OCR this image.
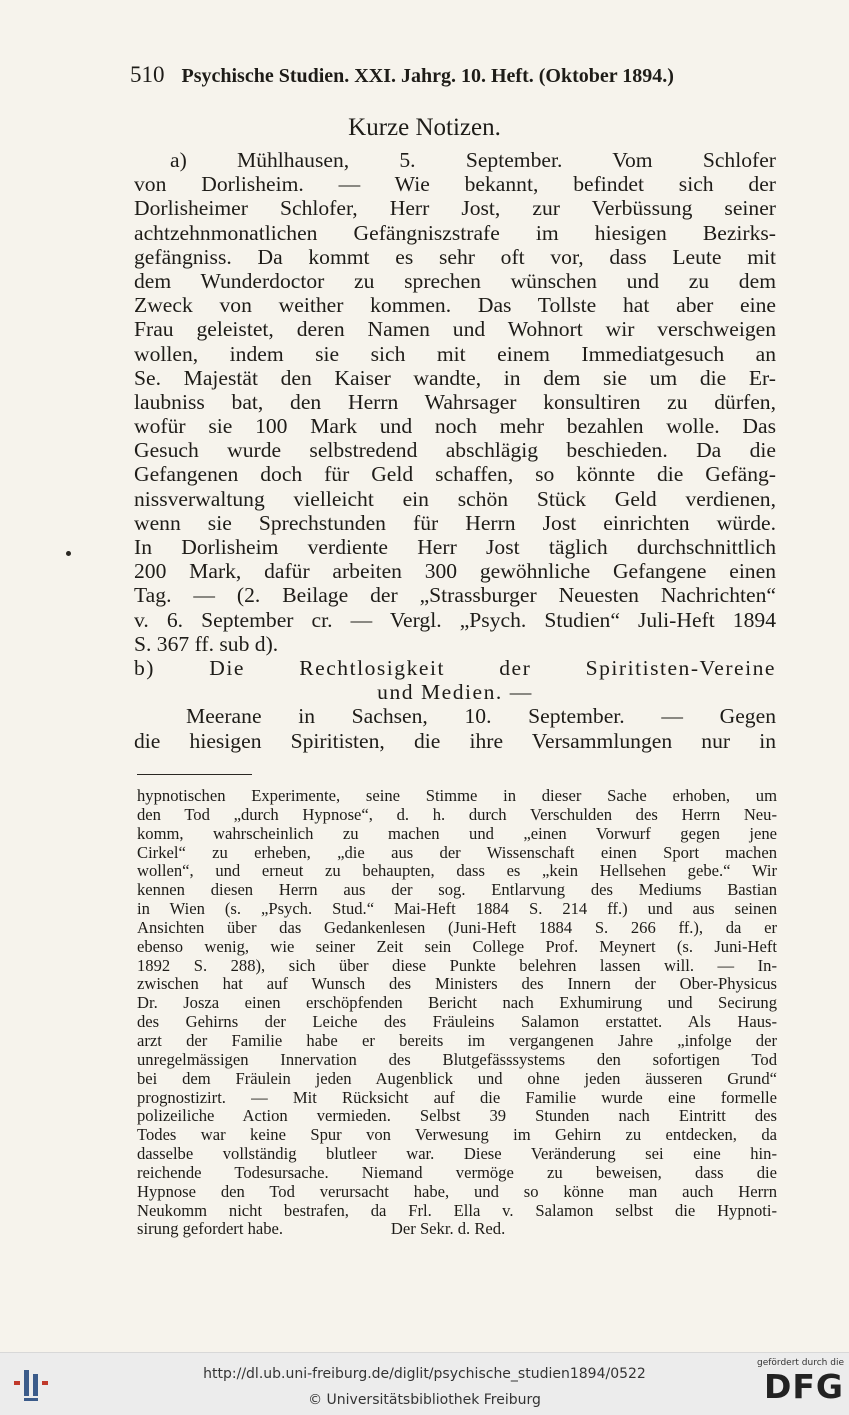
510 Psychische Studien. XXI. Jahrg. 10. Heft. (Oktober 1894.)
Kurze Notizen.
a) Mühlhausen, 5. September. Vom Schlofer
von Dorlisheim. — Wie bekannt, befindet sich der
Dorlisheimer Schlofer, Herr Jost, zur Verbüssung seiner
achtzehnmonatlichen Gefängniszstrafe im hiesigen Bezirks-
gefängniss. Da kommt es sehr oft vor, dass Leute mit
dem Wunderdoctor zu sprechen wünschen und zu dem
Zweck von weither kommen. Das Tollste hat aber eine
Frau geleistet, deren Namen und Wohnort wir verschweigen
wollen, indem sie sich mit einem Immediatgesuch an
Se. Majestät den Kaiser wandte, in dem sie um die Er-
laubniss bat, den Herrn Wahrsager konsultiren zu dürfen,
wofür sie 100 Mark und noch mehr bezahlen wolle. Das
Gesuch wurde selbstredend abschlägig beschieden. Da die
Gefangenen doch für Geld schaffen, so könnte die Gefäng-
nissverwaltung vielleicht ein schön Stück Geld verdienen,
wenn sie Sprechstunden für Herrn Jost einrichten würde.
In Dorlisheim verdiente Herr Jost täglich durchschnittlich
200 Mark, dafür arbeiten 300 gewöhnliche Gefangene einen
Tag. — (2. Beilage der „Strassburger Neuesten Nachrichten“
v. 6. September cr. — Vergl. „Psych. Studien“ Juli-Heft 1894
S. 367 ff. sub d).
b) Die Rechtlosigkeit der Spiritisten-Vereine
und Medien. —
Meerane in Sachsen, 10. September. — Gegen
die hiesigen Spiritisten, die ihre Versammlungen nur in
hypnotischen Experimente, seine Stimme in dieser Sache erhoben, um
den Tod „durch Hypnose“, d. h. durch Verschulden des Herrn Neu-
komm, wahrscheinlich zu machen und „einen Vorwurf gegen jene
Cirkel“ zu erheben, „die aus der Wissenschaft einen Sport machen
wollen“, und erneut zu behaupten, dass es „kein Hellsehen gebe.“ Wir
kennen diesen Herrn aus der sog. Entlarvung des Mediums Bastian
in Wien (s. „Psych. Stud.“ Mai-Heft 1884 S. 214 ff.) und aus seinen
Ansichten über das Gedankenlesen (Juni-Heft 1884 S. 266 ff.), da er
ebenso wenig, wie seiner Zeit sein College Prof. Meynert (s. Juni-Heft
1892 S. 288), sich über diese Punkte belehren lassen will. — In-
zwischen hat auf Wunsch des Ministers des Innern der Ober-Physicus
Dr. Josza einen erschöpfenden Bericht nach Exhumirung und Secirung
des Gehirns der Leiche des Fräuleins Salamon erstattet. Als Haus-
arzt der Familie habe er bereits im vergangenen Jahre „infolge der
unregelmässigen Innervation des Blutgefässsystems den sofortigen Tod
bei dem Fräulein jeden Augenblick und ohne jeden äusseren Grund“
prognostizirt. — Mit Rücksicht auf die Familie wurde eine formelle
polizeiliche Action vermieden. Selbst 39 Stunden nach Eintritt des
Todes war keine Spur von Verwesung im Gehirn zu entdecken, da
dasselbe vollständig blutleer war. Diese Veränderung sei eine hin-
reichende Todesursache. Niemand vermöge zu beweisen, dass die
Hypnose den Tod verursacht habe, und so könne man auch Herrn
Neukomm nicht bestrafen, da Frl. Ella v. Salamon selbst die Hypnoti-
sirung gefordert habe.                          Der Sekr. d. Red.
http://dl.ub.uni-freiburg.de/diglit/psychische_studien1894/0522
© Universitätsbibliothek Freiburg
gefördert durch die
DFG
